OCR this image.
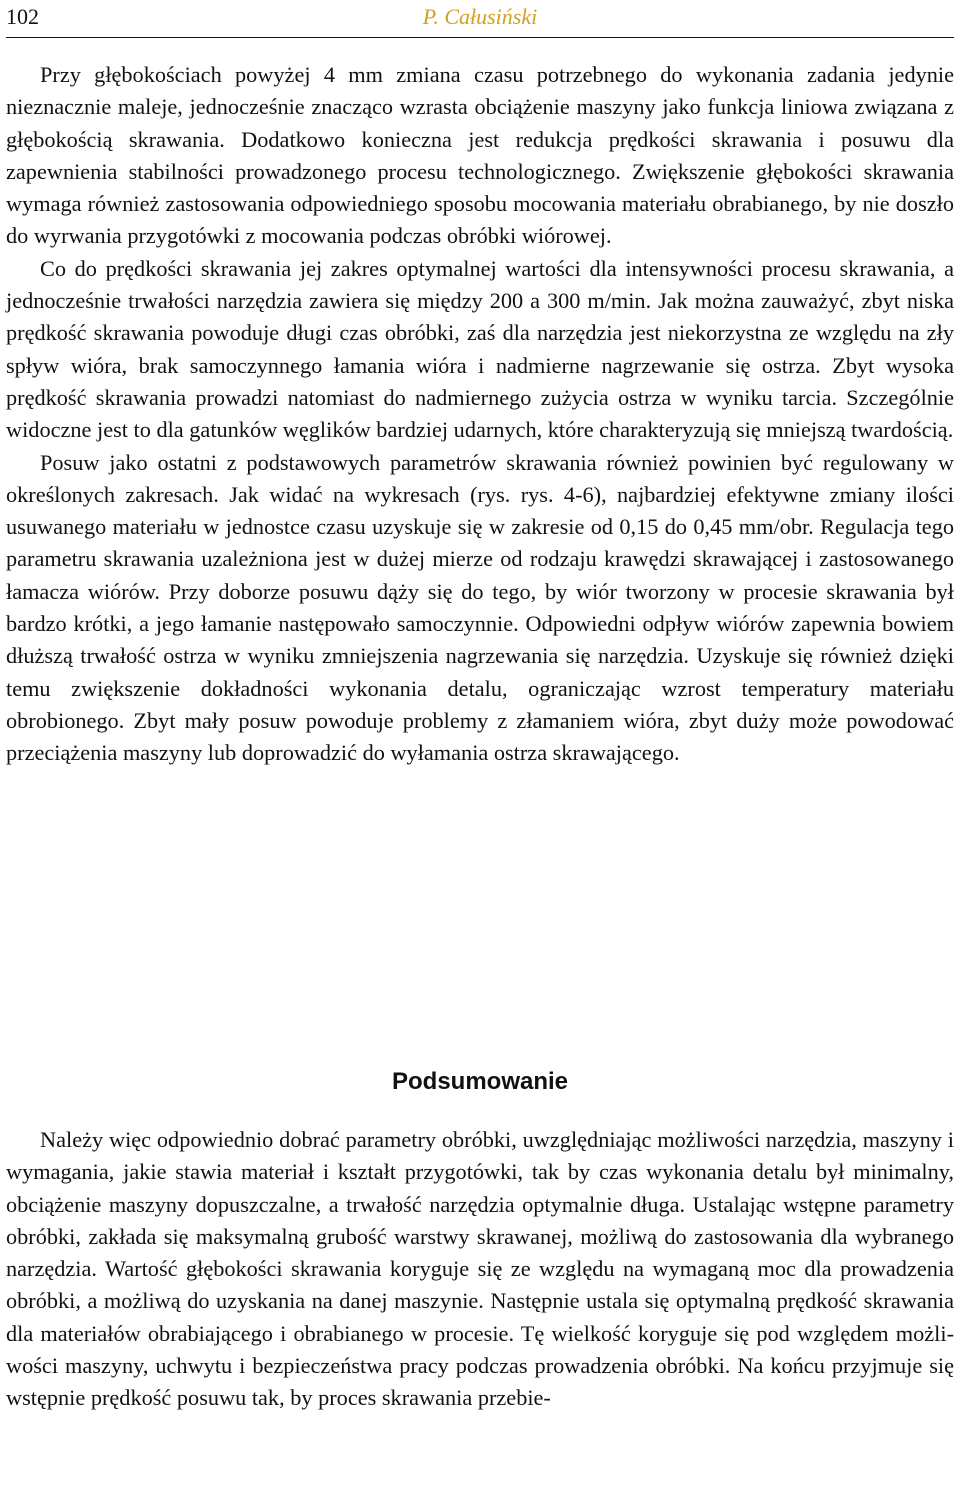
102	P. Całusiński

Przy głębokościach powyżej 4 mm zmiana czasu potrzebnego do wykonania zadania jedynie nieznacznie maleje, jednocześnie znacząco wzrasta obciążenie maszyny jako funkcja liniowa związana z głębokością skrawania. Dodatkowo konieczna jest redukcja prędkości skrawania i posuwu dla zapewnienia stabilności prowadzonego procesu technologicznego. Zwiększenie głębokości skrawania wymaga również zastosowania odpowiedniego sposobu mocowania materiału obrabianego, by nie doszło do wyrwania przygotówki z mocowania podczas obróbki wiórowej.

Co do prędkości skrawania jej zakres optymalnej wartości dla intensywności procesu skrawania, a jednocześnie trwałości narzędzia zawiera się między 200 a 300 m/min. Jak można zauważyć, zbyt niska prędkość skrawania powoduje długi czas obróbki, zaś dla narzędzia jest niekorzystna ze względu na zły spływ wióra, brak samoczynnego łamania wióra i nadmierne nagrzewanie się ostrza. Zbyt wysoka prędkość skrawania prowadzi natomiast do nadmiernego zużycia ostrza w wyniku tarcia. Szczególnie widoczne jest to dla gatunków węglików bardziej udarnych, które charakteryzują się mniejszą twardością.

Posuw jako ostatni z podstawowych parametrów skrawania również powinien być regulowany w określonych zakresach. Jak widać na wykresach (rys. rys. 4-6), najbardziej efektywne zmiany ilości usuwanego materiału w jednostce czasu uzyskuje się w zakresie od 0,15 do 0,45 mm/obr. Regulacja tego parametru skrawania uzależniona jest w dużej mierze od rodzaju krawędzi skrawającej i zastosowanego łamacza wiórów. Przy doborze posuwu dąży się do tego, by wiór tworzony w procesie skrawania był bardzo krótki, a jego łamanie następowało samoczynnie. Odpowiedni odpływ wiórów zapewnia bowiem dłuższą trwałość ostrza w wyniku zmniejszenia nagrzewania się narzędzia. Uzyskuje się również dzięki temu zwiększenie dokładności wykonania detalu, ograniczając wzrost temperatury materiału obrobionego. Zbyt mały posuw powoduje problemy z złamaniem wióra, zbyt duży może powodować przeciążenia maszyny lub doprowadzić do wyłamania ostrza skrawającego.

Podsumowanie

Należy więc odpowiednio dobrać parametry obróbki, uwzględniając możliwości narzędzia, maszyny i wymagania, jakie stawia materiał i kształt przygotówki, tak by czas wykonania detalu był minimalny, obciążenie maszyny dopuszczalne, a trwałość narzędzia optymalnie długa. Ustalając wstępne parametry obróbki, zakłada się maksymalną grubość warstwy skrawanej, możliwą do zastosowania dla wybranego narzędzia. Wartość głębokości skrawania koryguje się ze względu na wymaganą moc dla prowadzenia obróbki, a możliwą do uzyskania na danej maszynie. Następnie ustala się optymalną prędkość skrawania dla materiałów obrabiającego i obrabianego w procesie. Tę wielkość koryguje się pod względem możliwości maszyny, uchwytu i bezpieczeństwa pracy podczas prowadzenia obróbki. Na końcu przyjmuje się wstępnie prędkość posuwu tak, by proces skrawania przebie-
